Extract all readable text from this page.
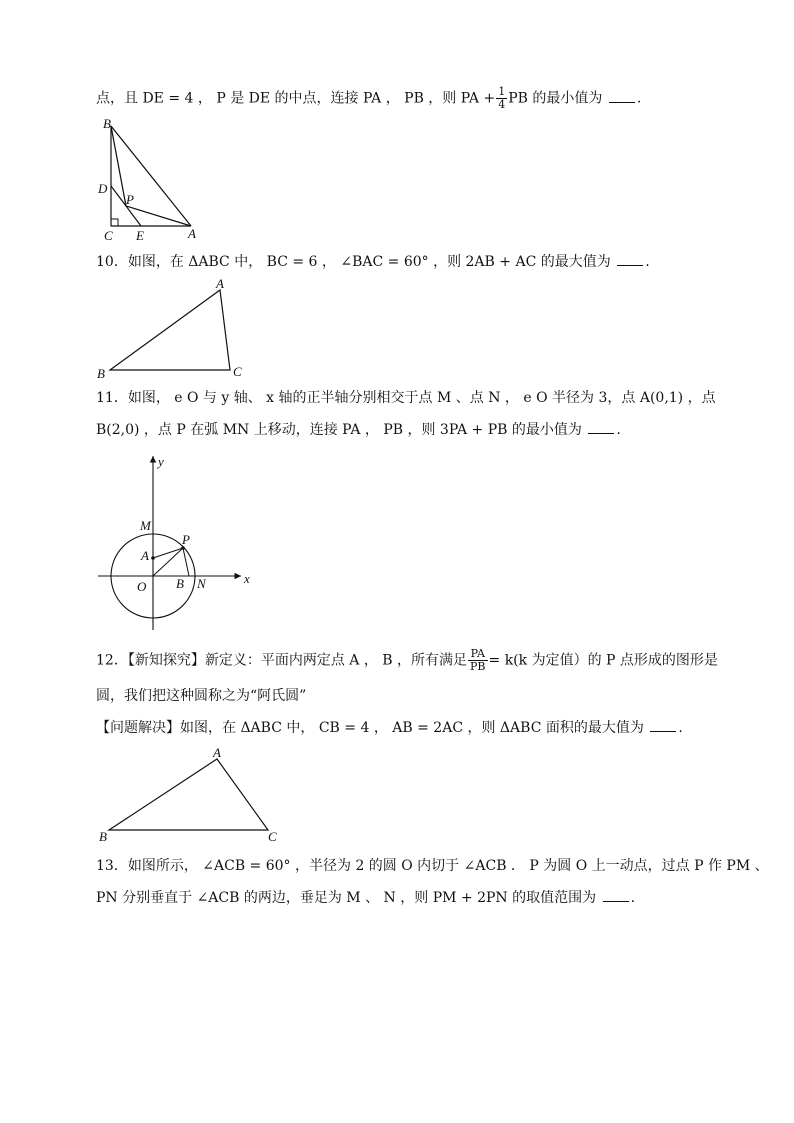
点，且 DE = 4 ， P 是 DE 的中点，连接 PA ， PB ，则 PA + $\frac{1}{4}$ PB 的最小值为 .
B
D
P
C E	A
10．如图，在 ΔABC 中， BC = 6 ， ∠BAC = 60° ，则 2AB + AC 的最大值为 .
A
B	C
11．如图， e O 与 y 轴、 x 轴的正半轴分别相交于点 M 、点 N ， e O 半径为 3，点 A(0,1) ，点
B(2,0) ，点 P 在弧 MN 上移动，连接 PA ， PB ，则 3PA + PB 的最小值为 .
y
x
M
P
A
O B N
12．【新知探究】新定义：平面内两定点 A ， B ，所有满足 $\frac{PA}{PB} = k(k$ 为定值）的 P 点形成的图形是
圆，我们把这种圆称之为“阿氏圆”
【问题解决】如图，在 ΔABC 中， CB = 4 ， AB = 2AC ，则 ΔABC 面积的最大值为 .
A
B	C
13．如图所示， ∠ACB = 60° ，半径为 2 的圆 O 内切于 ∠ACB ． P 为圆 O 上一动点，过点 P 作 PM 、
PN 分别垂直于 ∠ACB 的两边，垂足为 M 、 N ，则 PM + 2PN 的取值范围为 .
